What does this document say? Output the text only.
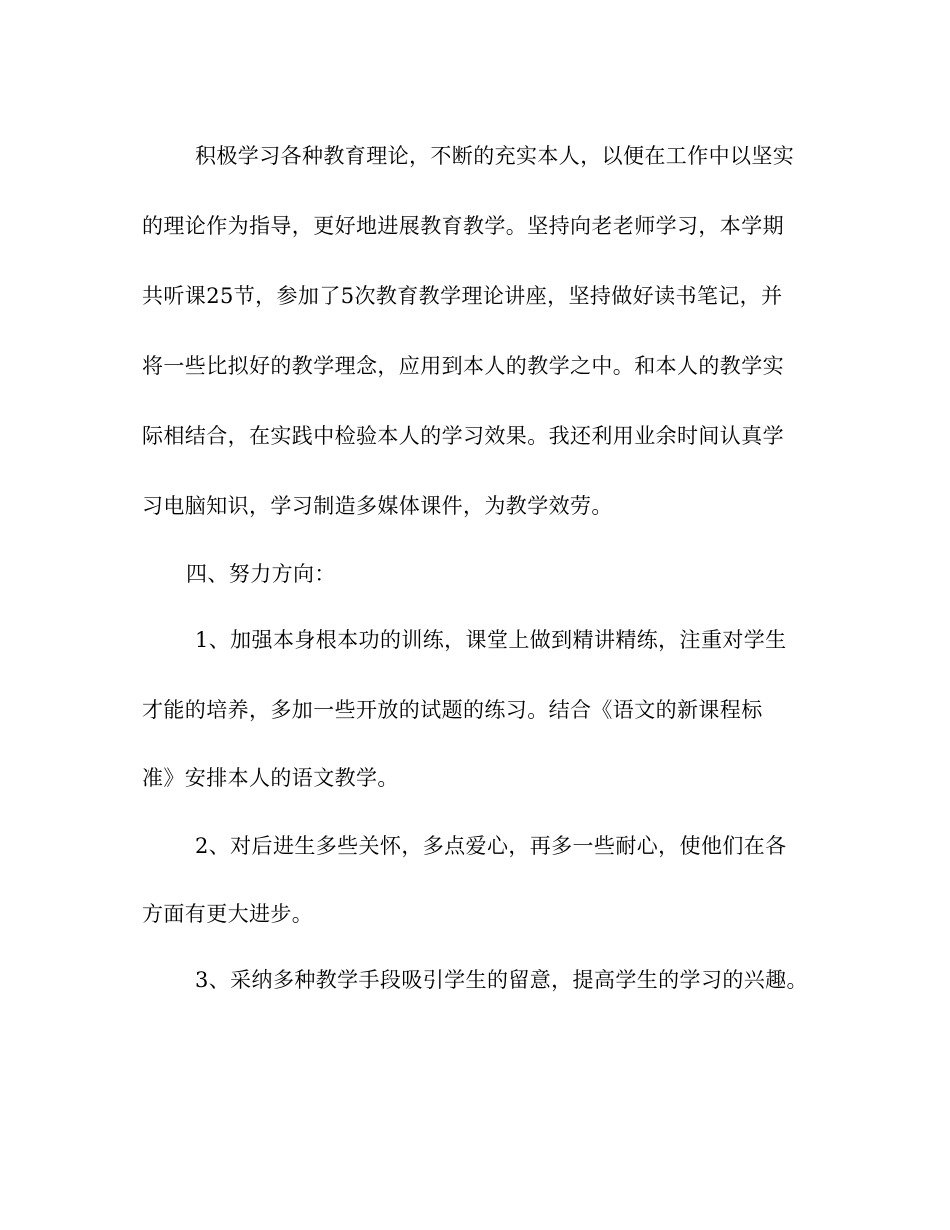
积极学习各种教育理论，不断的充实本人，以便在工作中以坚实
的理论作为指导，更好地进展教育教学。坚持向老老师学习，本学期
共听课25节，参加了5次教育教学理论讲座，坚持做好读书笔记，并
将一些比拟好的教学理念，应用到本人的教学之中。和本人的教学实
际相结合，在实践中检验本人的学习效果。我还利用业余时间认真学
习电脑知识，学习制造多媒体课件，为教学效劳。
四、努力方向：
1、加强本身根本功的训练，课堂上做到精讲精练，注重对学生
才能的培养，多加一些开放的试题的练习。结合《语文的新课程标
准》安排本人的语文教学。
2、对后进生多些关怀，多点爱心，再多一些耐心，使他们在各
方面有更大进步。
3、采纳多种教学手段吸引学生的留意，提高学生的学习的兴趣。
